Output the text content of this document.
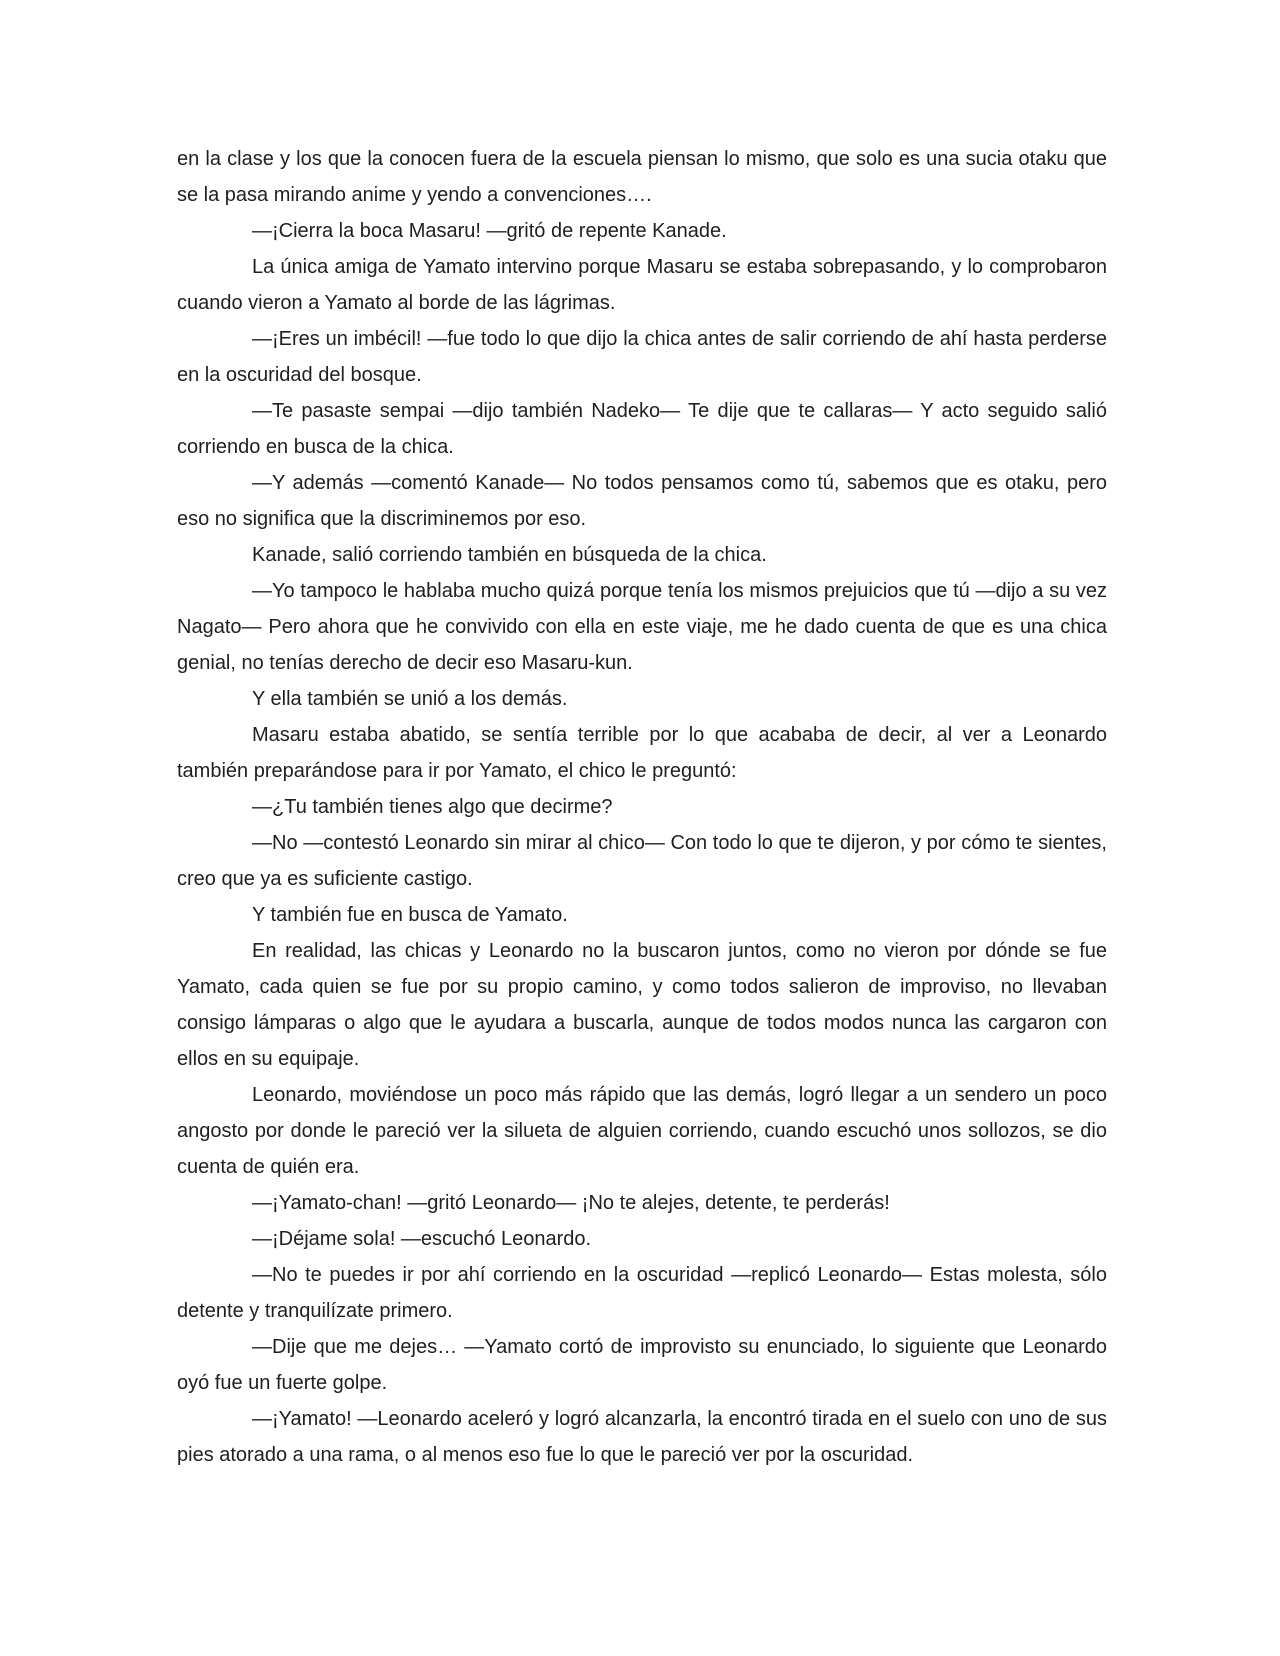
en la clase y los que la conocen fuera de la escuela piensan lo mismo, que solo es una sucia otaku que se la pasa mirando anime y yendo a convenciones….

―¡Cierra la boca Masaru! ―gritó de repente Kanade.

La única amiga de Yamato intervino porque Masaru se estaba sobrepasando, y lo comprobaron cuando vieron a Yamato al borde de las lágrimas.

―¡Eres un imbécil! ―fue todo lo que dijo la chica antes de salir corriendo de ahí hasta perderse en la oscuridad del bosque.

―Te pasaste sempai ―dijo también Nadeko― Te dije que te callaras― Y acto seguido salió corriendo en busca de la chica.

―Y además ―comentó Kanade― No todos pensamos como tú, sabemos que es otaku, pero eso no significa que la discriminemos por eso.

Kanade, salió corriendo también en búsqueda de la chica.

―Yo tampoco le hablaba mucho quizá porque tenía los mismos prejuicios que tú ―dijo a su vez Nagato― Pero ahora que he convivido con ella en este viaje, me he dado cuenta de que es una chica genial, no tenías derecho de decir eso Masaru-kun.

Y ella también se unió a los demás.

Masaru estaba abatido, se sentía terrible por lo que acababa de decir, al ver a Leonardo también preparándose para ir por Yamato, el chico le preguntó:

―¿Tu también tienes algo que decirme?

―No ―contestó Leonardo sin mirar al chico― Con todo lo que te dijeron, y por cómo te sientes, creo que ya es suficiente castigo.

Y también fue en busca de Yamato.

En realidad, las chicas y Leonardo no la buscaron juntos, como no vieron por dónde se fue Yamato, cada quien se fue por su propio camino, y como todos salieron de improviso, no llevaban consigo lámparas o algo que le ayudara a buscarla, aunque de todos modos nunca las cargaron con ellos en su equipaje.

Leonardo, moviéndose un poco más rápido que las demás, logró llegar a un sendero un poco angosto por donde le pareció ver la silueta de alguien corriendo, cuando escuchó unos sollozos, se dio cuenta de quién era.

―¡Yamato-chan! ―gritó Leonardo― ¡No te alejes, detente, te perderás!

―¡Déjame sola! ―escuchó Leonardo.

―No te puedes ir por ahí corriendo en la oscuridad ―replicó Leonardo― Estas molesta, sólo detente y tranquilízate primero.

―Dije que me dejes… ―Yamato cortó de improvisto su enunciado, lo siguiente que Leonardo oyó fue un fuerte golpe.

―¡Yamato! ―Leonardo aceleró y logró alcanzarla, la encontró tirada en el suelo con uno de sus pies atorado a una rama, o al menos eso fue lo que le pareció ver por la oscuridad.
